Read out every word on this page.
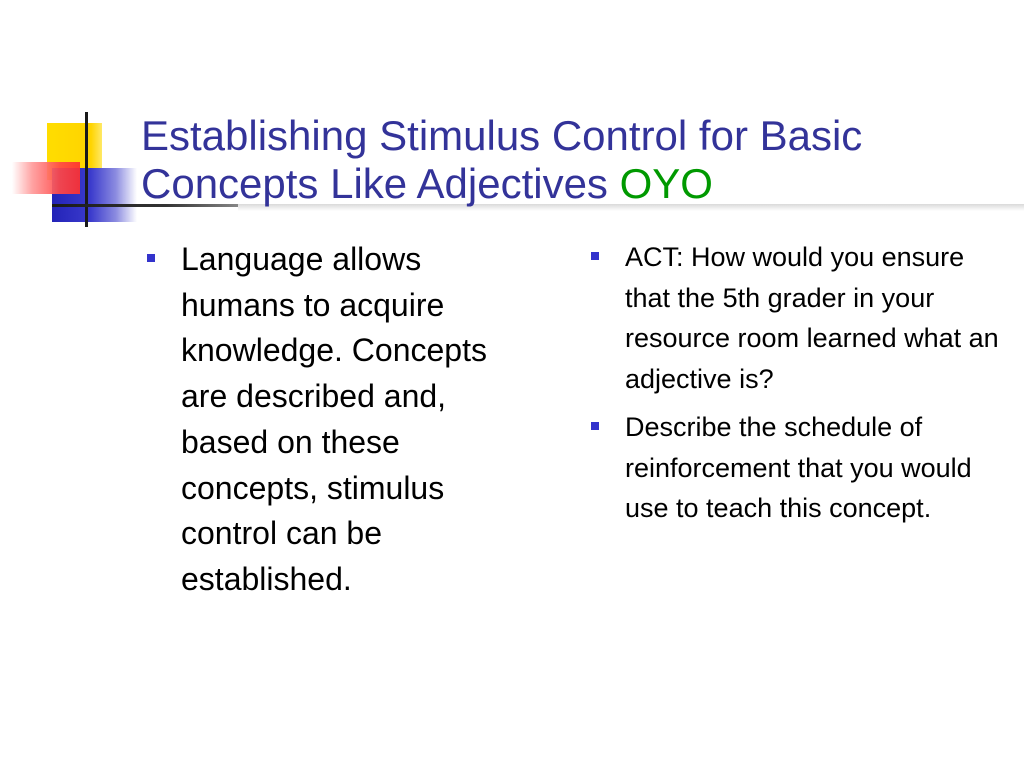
Establishing Stimulus Control for Basic Concepts Like Adjectives OYO
Language allows humans to acquire knowledge. Concepts are described and, based on these concepts, stimulus control can be established.
ACT: How would you ensure that the 5th grader in your resource room learned what an adjective is?
Describe the schedule of reinforcement that you would use to teach this concept.
